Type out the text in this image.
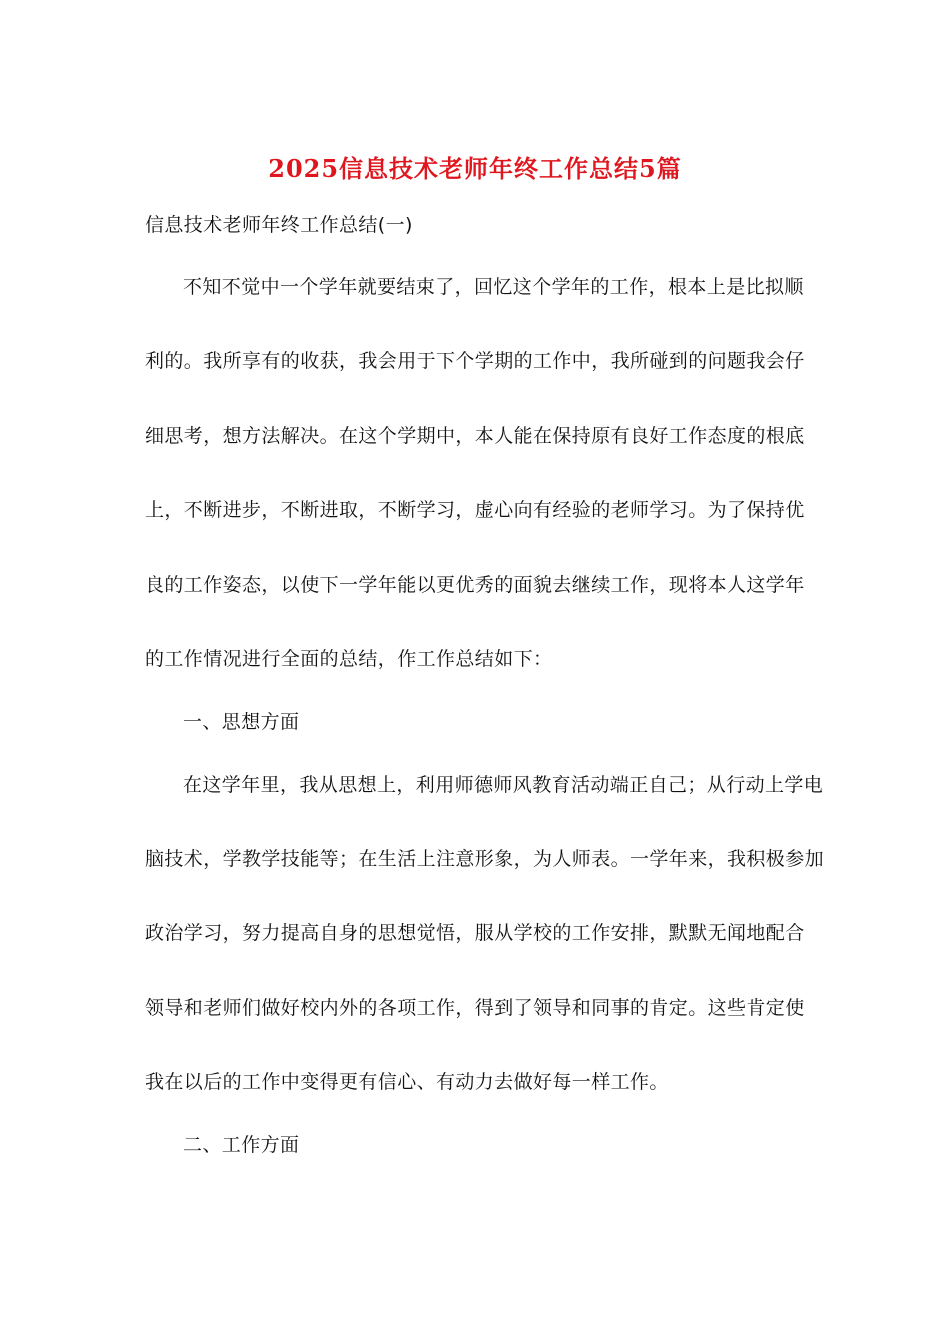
2025信息技术老师年终工作总结5篇
信息技术老师年终工作总结(一)
不知不觉中一个学年就要结束了，回忆这个学年的工作，根本上是比拟顺
利的。我所享有的收获，我会用于下个学期的工作中，我所碰到的问题我会仔
细思考，想方法解决。在这个学期中，本人能在保持原有良好工作态度的根底
上，不断进步，不断进取，不断学习，虚心向有经验的老师学习。为了保持优
良的工作姿态，以使下一学年能以更优秀的面貌去继续工作，现将本人这学年
的工作情况进行全面的总结，作工作总结如下：
一、思想方面
在这学年里，我从思想上，利用师德师风教育活动端正自己；从行动上学电
脑技术，学教学技能等；在生活上注意形象，为人师表。一学年来，我积极参加
政治学习，努力提高自身的思想觉悟，服从学校的工作安排，默默无闻地配合
领导和老师们做好校内外的各项工作，得到了领导和同事的肯定。这些肯定使
我在以后的工作中变得更有信心、有动力去做好每一样工作。
二、工作方面
